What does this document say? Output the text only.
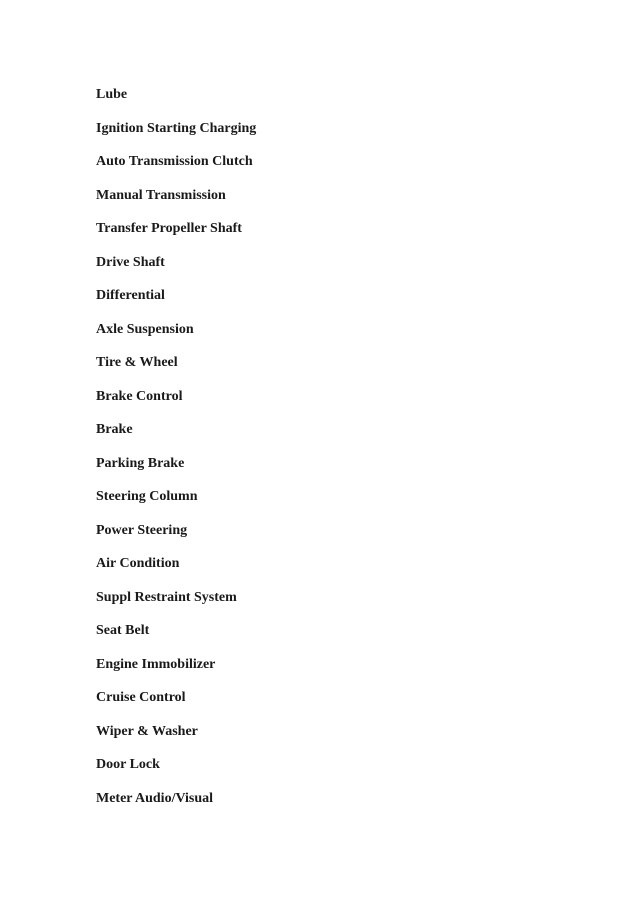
Lube
Ignition Starting Charging
Auto Transmission Clutch
Manual Transmission
Transfer Propeller Shaft
Drive Shaft
Differential
Axle Suspension
Tire & Wheel
Brake Control
Brake
Parking Brake
Steering Column
Power Steering
Air Condition
Suppl Restraint System
Seat Belt
Engine Immobilizer
Cruise Control
Wiper & Washer
Door Lock
Meter Audio/Visual
